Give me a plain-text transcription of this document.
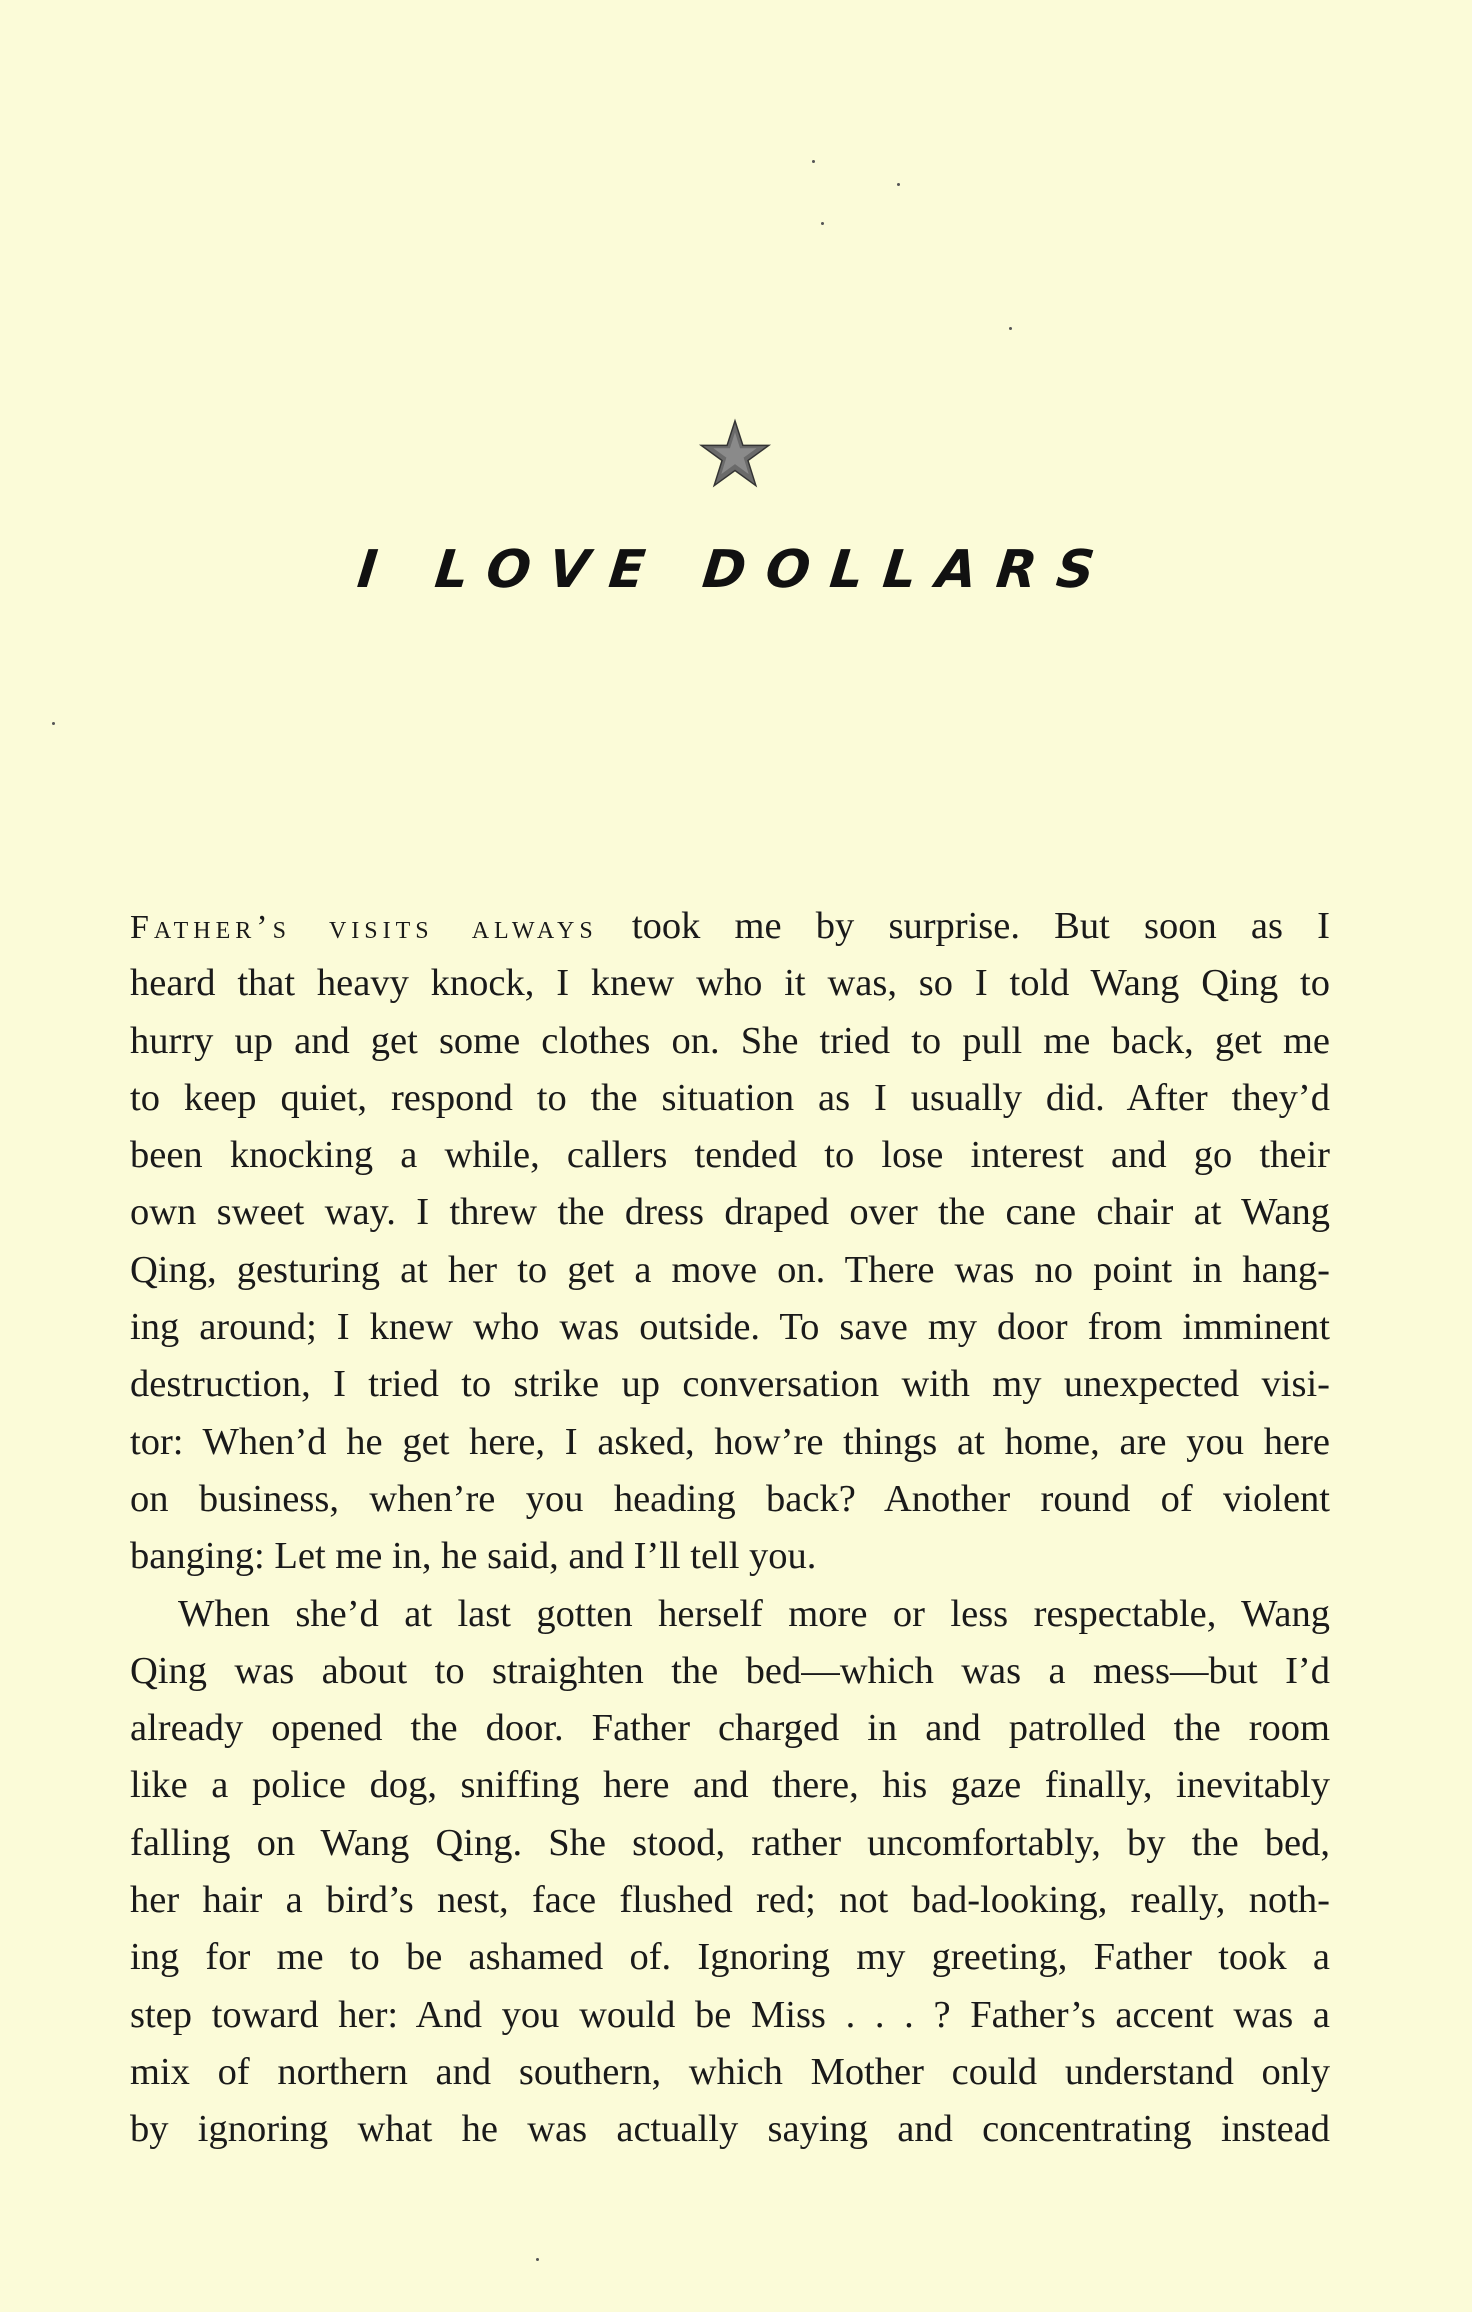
I LOVE DOLLARS
Father’s visits always took me by surprise. But soon as I
heard that heavy knock, I knew who it was, so I told Wang Qing to
hurry up and get some clothes on. She tried to pull me back, get me
to keep quiet, respond to the situation as I usually did. After they’d
been knocking a while, callers tended to lose interest and go their
own sweet way. I threw the dress draped over the cane chair at Wang
Qing, gesturing at her to get a move on. There was no point in hang-
ing around; I knew who was outside. To save my door from imminent
destruction, I tried to strike up conversation with my unexpected visi-
tor: When’d he get here, I asked, how’re things at home, are you here
on business, when’re you heading back? Another round of violent
banging: Let me in, he said, and I’ll tell you.
When she’d at last gotten herself more or less respectable, Wang
Qing was about to straighten the bed—which was a mess—but I’d
already opened the door. Father charged in and patrolled the room
like a police dog, sniffing here and there, his gaze finally, inevitably
falling on Wang Qing. She stood, rather uncomfortably, by the bed,
her hair a bird’s nest, face flushed red; not bad-looking, really, noth-
ing for me to be ashamed of. Ignoring my greeting, Father took a
step toward her: And you would be Miss . . . ? Father’s accent was a
mix of northern and southern, which Mother could understand only
by ignoring what he was actually saying and concentrating instead
